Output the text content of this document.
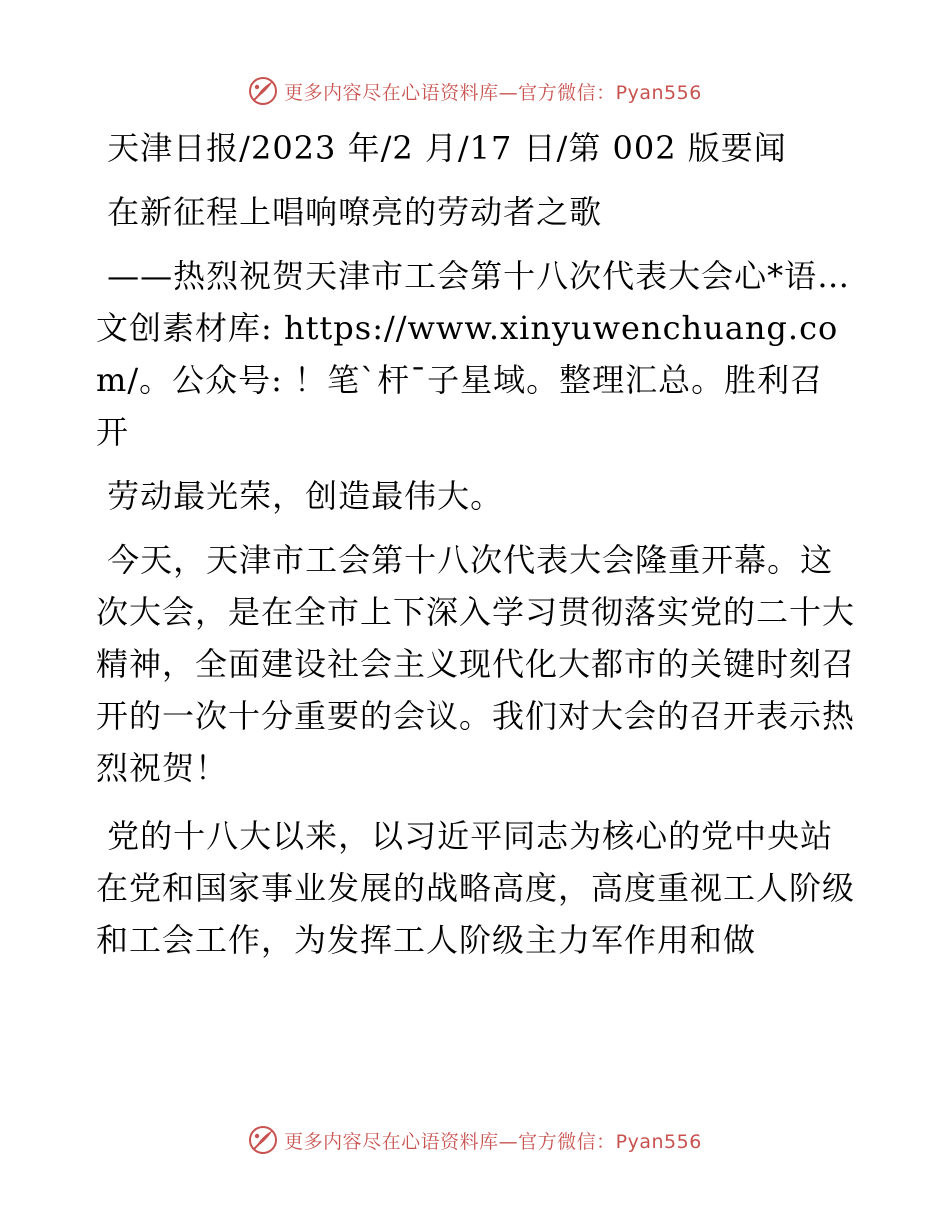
更多内容尽在心语资料库—官方微信：Pyan556

天津日报/2023 年/2 月/17 日/第 002 版要闻

在新征程上唱响嘹亮的劳动者之歌

——热烈祝贺天津市工会第十八次代表大会心*语…文创素材库: https://www.xinyuwenchuang.com/。公众号: ！笔`杆¯子星域。整理汇总。胜利召开

劳动最光荣，创造最伟大。

今天，天津市工会第十八次代表大会隆重开幕。这次大会，是在全市上下深入学习贯彻落实党的二十大精神，全面建设社会主义现代化大都市的关键时刻召开的一次十分重要的会议。我们对大会的召开表示热烈祝贺！

党的十八大以来，以习近平同志为核心的党中央站在党和国家事业发展的战略高度，高度重视工人阶级和工会工作，为发挥工人阶级主力军作用和做

更多内容尽在心语资料库—官方微信：Pyan556
